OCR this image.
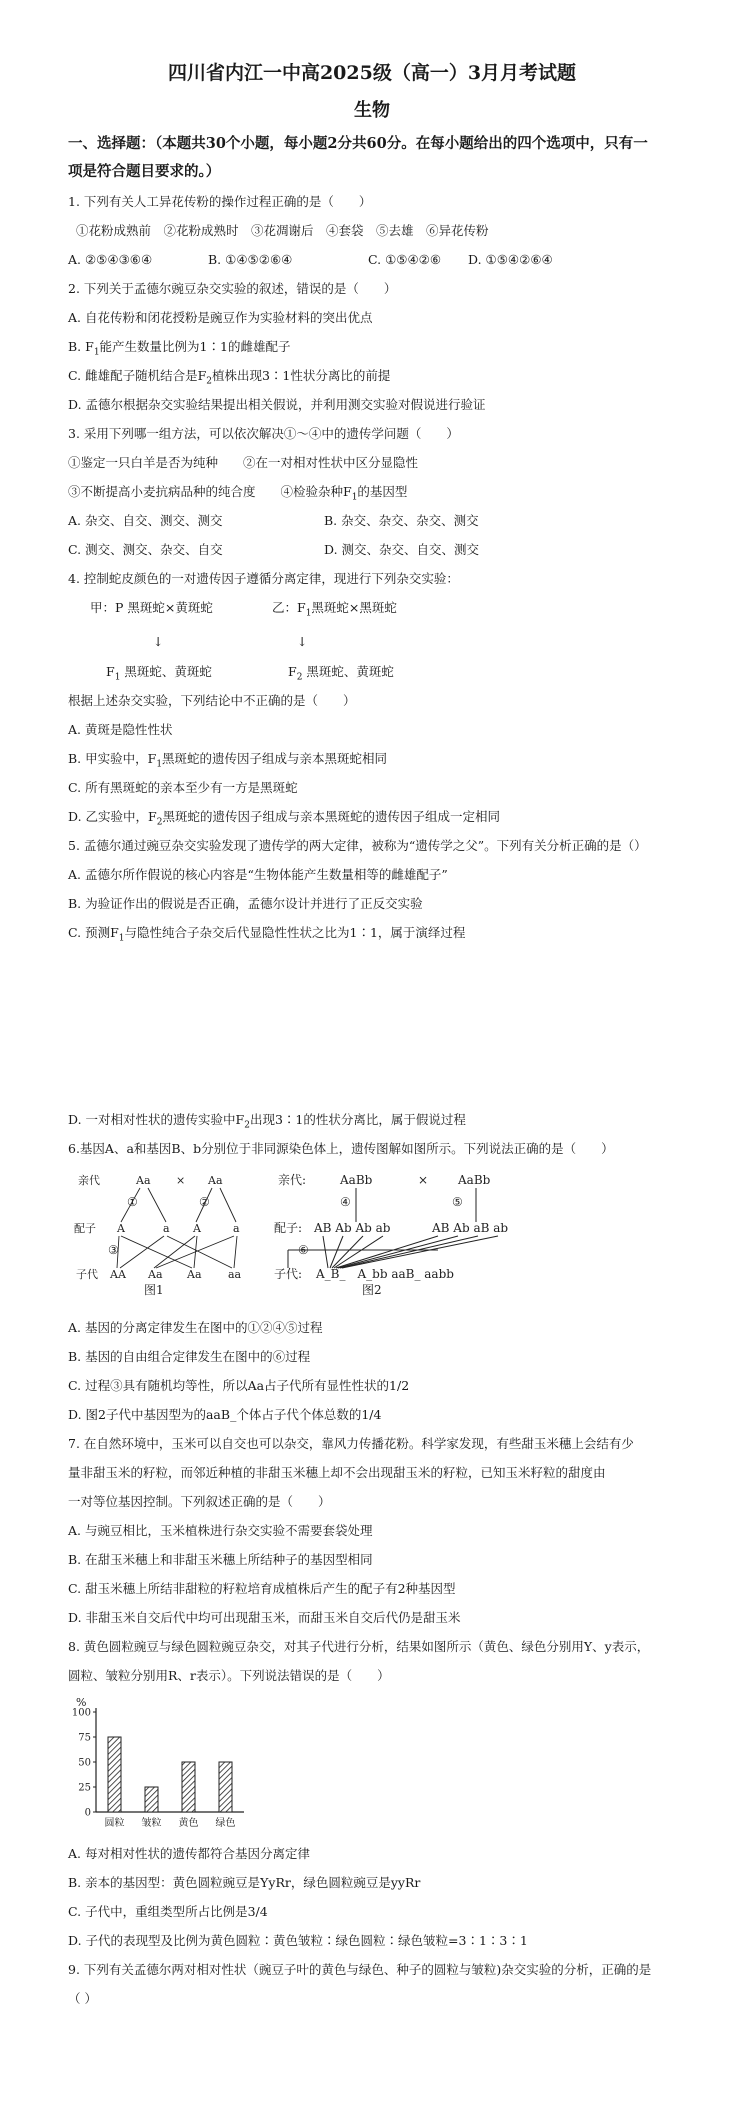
四川省内江一中高2025级（高一）3月月考试题
生物
一、选择题：（本题共30个小题，每小题2分共60分。在每小题给出的四个选项中，只有一
项是符合题目要求的。）
1. 下列有关人工异花传粉的操作过程正确的是（　　）
①花粉成熟前　②花粉成熟时　③花凋谢后　④套袋　⑤去雄　⑥异花传粉
A. ②⑤④③⑥④	B. ①④⑤②⑥④	C. ①⑤④②⑥ D. ①⑤④②⑥④
2. 下列关于孟德尔豌豆杂交实验的叙述，错误的是（　　）
A. 自花传粉和闭花授粉是豌豆作为实验材料的突出优点
B. $F_1$能产生数量比例为1∶1的雌雄配子
C. 雌雄配子随机结合是$F_2$植株出现3∶1性状分离比的前提
D. 孟德尔根据杂交实验结果提出相关假说，并利用测交实验对假说进行验证
3. 采用下列哪一组方法，可以依次解决①～④中的遗传学问题（　　）
①鉴定一只白羊是否为纯种　　②在一对相对性状中区分显隐性
③不断提高小麦抗病品种的纯合度　　④检验杂种$F_1$的基因型
A. 杂交、自交、测交、测交	B. 杂交、杂交、杂交、测交
C. 测交、测交、杂交、自交	D. 测交、杂交、自交、测交
4. 控制蛇皮颜色的一对遗传因子遵循分离定律，现进行下列杂交实验：
甲：P 黑斑蛇×黄斑蛇	乙：$F_1$黑斑蛇×黑斑蛇
↓	↓
$F_1$ 黑斑蛇、黄斑蛇	$F_2$ 黑斑蛇、黄斑蛇
根据上述杂交实验，下列结论中不正确的是（　　）
A. 黄斑是隐性性状
B. 甲实验中，$F_1$黑斑蛇的遗传因子组成与亲本黑斑蛇相同
C. 所有黑斑蛇的亲本至少有一方是黑斑蛇
D. 乙实验中，$F_2$黑斑蛇的遗传因子组成与亲本黑斑蛇的遗传因子组成一定相同
5. 孟德尔通过豌豆杂交实验发现了遗传学的两大定律，被称为“遗传学之父”。下列有关分析正确的是（）
A. 孟德尔所作假说的核心内容是“生物体能产生数量相等的雌雄配子”
B. 为验证作出的假说是否正确，孟德尔设计并进行了正反交实验
C. 预测$F_1$与隐性纯合子杂交后代显隐性性状之比为1∶1，属于演绎过程
D. 一对相对性状的遗传实验中$F_2$出现3∶1的性状分离比，属于假说过程
6.基因A、a和基因B、b分别位于非同源染色体上，遗传图解如图所示。下列说法正确的是（　　）
亲代	Aa × Aa
①	②
配子 A	a A	a
③
子代 AA Aa Aa aa
图1
亲代:	AaBb	× AaBb
④	⑤
配子: AB Ab Ab ab	AB Ab aB ab
⑥
子代: A_B_　A_bb aaB_ aabb
图2
A. 基因的分离定律发生在图中的①②④⑤过程
B. 基因的自由组合定律发生在图中的⑥过程
C. 过程③具有随机均等性，所以Aa占子代所有显性性状的1/2
D. 图2子代中基因型为的aaB_个体占子代个体总数的1/4
7. 在自然环境中，玉米可以自交也可以杂交，靠风力传播花粉。科学家发现，有些甜玉米穗上会结有少
量非甜玉米的籽粒，而邻近种植的非甜玉米穗上却不会出现甜玉米的籽粒，已知玉米籽粒的甜度由
一对等位基因控制。下列叙述正确的是（　　）
A. 与豌豆相比，玉米植株进行杂交实验不需要套袋处理
B. 在甜玉米穗上和非甜玉米穗上所结种子的基因型相同
C. 甜玉米穗上所结非甜粒的籽粒培育成植株后产生的配子有2种基因型
D. 非甜玉米自交后代中均可出现甜玉米，而甜玉米自交后代仍是甜玉米
8. 黄色圆粒豌豆与绿色圆粒豌豆杂交，对其子代进行分析，结果如图所示（黄色、绿色分别用Y、y表示，
圆粒、皱粒分别用R、r表示）。下列说法错误的是（　　）
%
0
25
50
75
100
圆粒 皱粒 黄色 绿色
A. 每对相对性状的遗传都符合基因分离定律
B. 亲本的基因型：黄色圆粒豌豆是YyRr，绿色圆粒豌豆是yyRr
C. 子代中，重组类型所占比例是3/4
D. 子代的表现型及比例为黄色圆粒∶黄色皱粒∶绿色圆粒∶绿色皱粒=3∶1∶3∶1
9. 下列有关孟德尔两对相对性状（豌豆子叶的黄色与绿色、种子的圆粒与皱粒)杂交实验的分析，正确的是
（ ）
